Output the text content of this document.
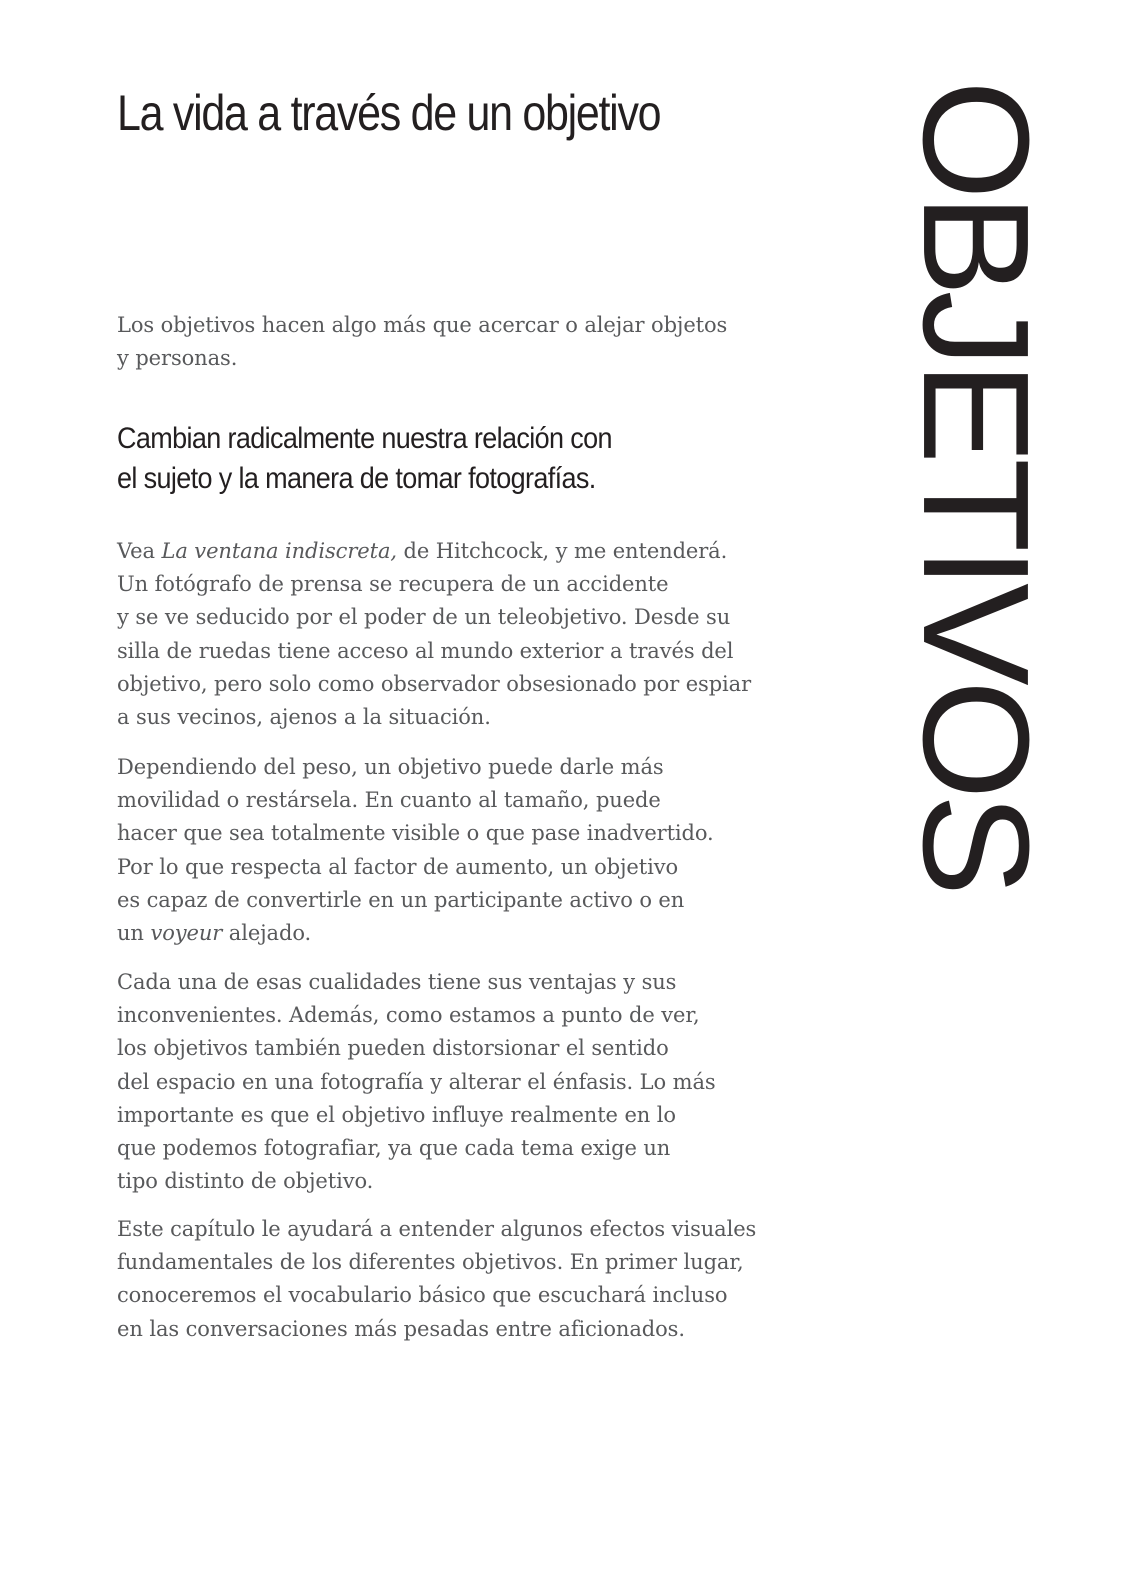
La vida a través de un objetivo	OBJETIVOS

Los objetivos hacen algo más que acercar o alejar objetos
y personas.

Cambian radicalmente nuestra relación con
el sujeto y la manera de tomar fotografías.

Vea La ventana indiscreta, de Hitchcock, y me entenderá.
Un fotógrafo de prensa se recupera de un accidente
y se ve seducido por el poder de un teleobjetivo. Desde su
silla de ruedas tiene acceso al mundo exterior a través del
objetivo, pero solo como observador obsesionado por espiar
a sus vecinos, ajenos a la situación.

Dependiendo del peso, un objetivo puede darle más
movilidad o restársela. En cuanto al tamaño, puede
hacer que sea totalmente visible o que pase inadvertido.
Por lo que respecta al factor de aumento, un objetivo
es capaz de convertirle en un participante activo o en
un voyeur alejado.

Cada una de esas cualidades tiene sus ventajas y sus
inconvenientes. Además, como estamos a punto de ver,
los objetivos también pueden distorsionar el sentido
del espacio en una fotografía y alterar el énfasis. Lo más
importante es que el objetivo influye realmente en lo
que podemos fotografiar, ya que cada tema exige un
tipo distinto de objetivo.

Este capítulo le ayudará a entender algunos efectos visuales
fundamentales de los diferentes objetivos. En primer lugar,
conoceremos el vocabulario básico que escuchará incluso
en las conversaciones más pesadas entre aficionados.
